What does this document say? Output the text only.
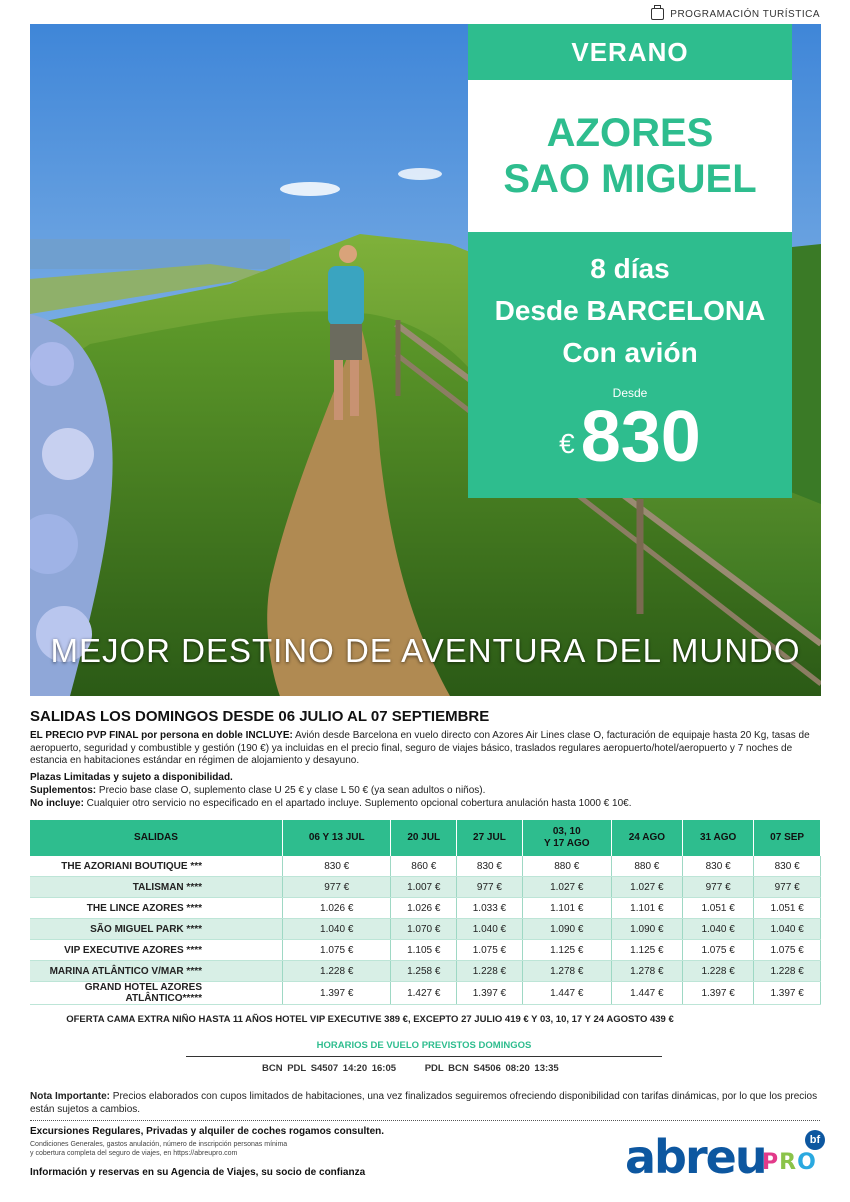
PROGRAMACIÓN TURÍSTICA
VERANO
AZORES
SAO MIGUEL
8 días
Desde BARCELONA
Con avión
Desde
€ 830
MEJOR DESTINO DE AVENTURA DEL MUNDO
SALIDAS LOS DOMINGOS DESDE 06 JULIO AL 07 SEPTIEMBRE
EL PRECIO PVP FINAL por persona en doble INCLUYE: Avión desde Barcelona en vuelo directo con Azores Air Lines clase O, facturación de equipaje hasta 20 Kg, tasas de aeropuerto, seguridad y combustible y gestión (190 €) ya incluidas en el precio final, seguro de viajes básico, traslados regulares aeropuerto/hotel/aeropuerto y 7 noches de estancia en habitaciones estándar en régimen de alojamiento y desayuno.
Plazas Limitadas y sujeto a disponibilidad.
Suplementos: Precio base clase O, suplemento clase U 25 € y clase L 50 € (ya sean adultos o niños).
No incluye: Cualquier otro servicio no especificado en el apartado incluye. Suplemento opcional cobertura anulación hasta 1000 € 10€.
SALIDAS	06 Y 13 JUL	20 JUL	27 JUL	03, 10
Y 17 AGO	24 AGO	31 AGO	07 SEP
THE AZORIANI BOUTIQUE ***	830 €	860 €	830 €	880 €	880 €	830 €	830 €
TALISMAN ****	977 €	1.007 €	977 €	1.027 €	1.027 €	977 €	977 €
THE LINCE AZORES ****	1.026 €	1.026 €	1.033 €	1.101 €	1.101 €	1.051 €	1.051 €
SÃO MIGUEL PARK ****	1.040 €	1.070 €	1.040 €	1.090 €	1.090 €	1.040 €	1.040 €
VIP EXECUTIVE AZORES ****	1.075 €	1.105 €	1.075 €	1.125 €	1.125 €	1.075 €	1.075 €
MARINA ATLÂNTICO V/MAR ****	1.228 €	1.258 €	1.228 €	1.278 €	1.278 €	1.228 €	1.228 €
GRAND HOTEL AZORES ATLÂNTICO*****	1.397 €	1.427 €	1.397 €	1.447 €	1.447 €	1.397 €	1.397 €
OFERTA CAMA EXTRA NIÑO HASTA 11 AÑOS HOTEL VIP EXECUTIVE 389 €, EXCEPTO 27 JULIO 419 € Y 03, 10, 17 Y 24 AGOSTO 439 €
HORARIOS DE VUELO PREVISTOS DOMINGOS
BCN PDL S4507 14:20 16:05	PDL BCN S4506 08:20 13:35
Nota Importante: Precios elaborados con cupos limitados de habitaciones, una vez finalizados seguiremos ofreciendo disponibilidad con tarifas dinámicas, por lo que los precios están sujetos a cambios.
Excursiones Regulares, Privadas y alquiler de coches rogamos consulten.
Condiciones Generales, gastos anulación, número de inscripción personas mínima
y cobertura completa del seguro de viajes, en https://abreupro.com
Información y reservas en su Agencia de Viajes, su socio de confianza	abreu
PRO
bf
